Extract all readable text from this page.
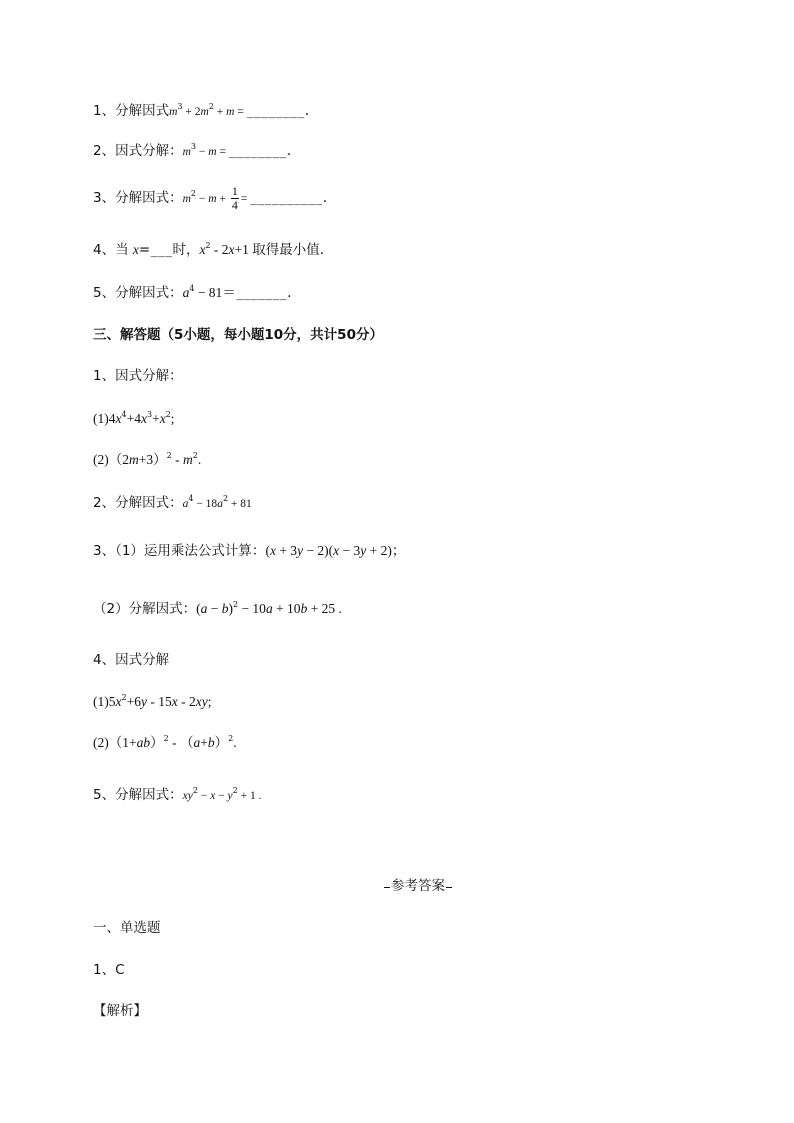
1、分解因式$m^3 + 2m^2 + m$ = ________.
2、因式分解：$m^3 - m$ = ________.
3、分解因式：$m^2 - m + \frac{1}{4}$ = __________.
4、当 x=___时，$x^2 - 2x+1$ 取得最小值．
5、分解因式：$a^4$ − 81＝_______.
三、解答题（5小题，每小题10分，共计50分）
1、因式分解：
$(1)4x^4+4x^3+x^2$;
$(2)(2m+3)^2 - m^2$.
2、分解因式：$a^4 - 18a^2 + 81$
3、（1）运用乘法公式计算：(x + 3y − 2)(x − 3y + 2)；
（2）分解因式：$(a - b)^2 - 10a + 10b + 25$ .
4、因式分解
$(1)5x^2+6y - 15x - 2xy$;
$(2)(1+ab)^2 - (a+b)^2$.
5、分解因式：$xy^2 - x - y^2 + 1$ .
参考答案
一、单选题
1、C
【解析】
